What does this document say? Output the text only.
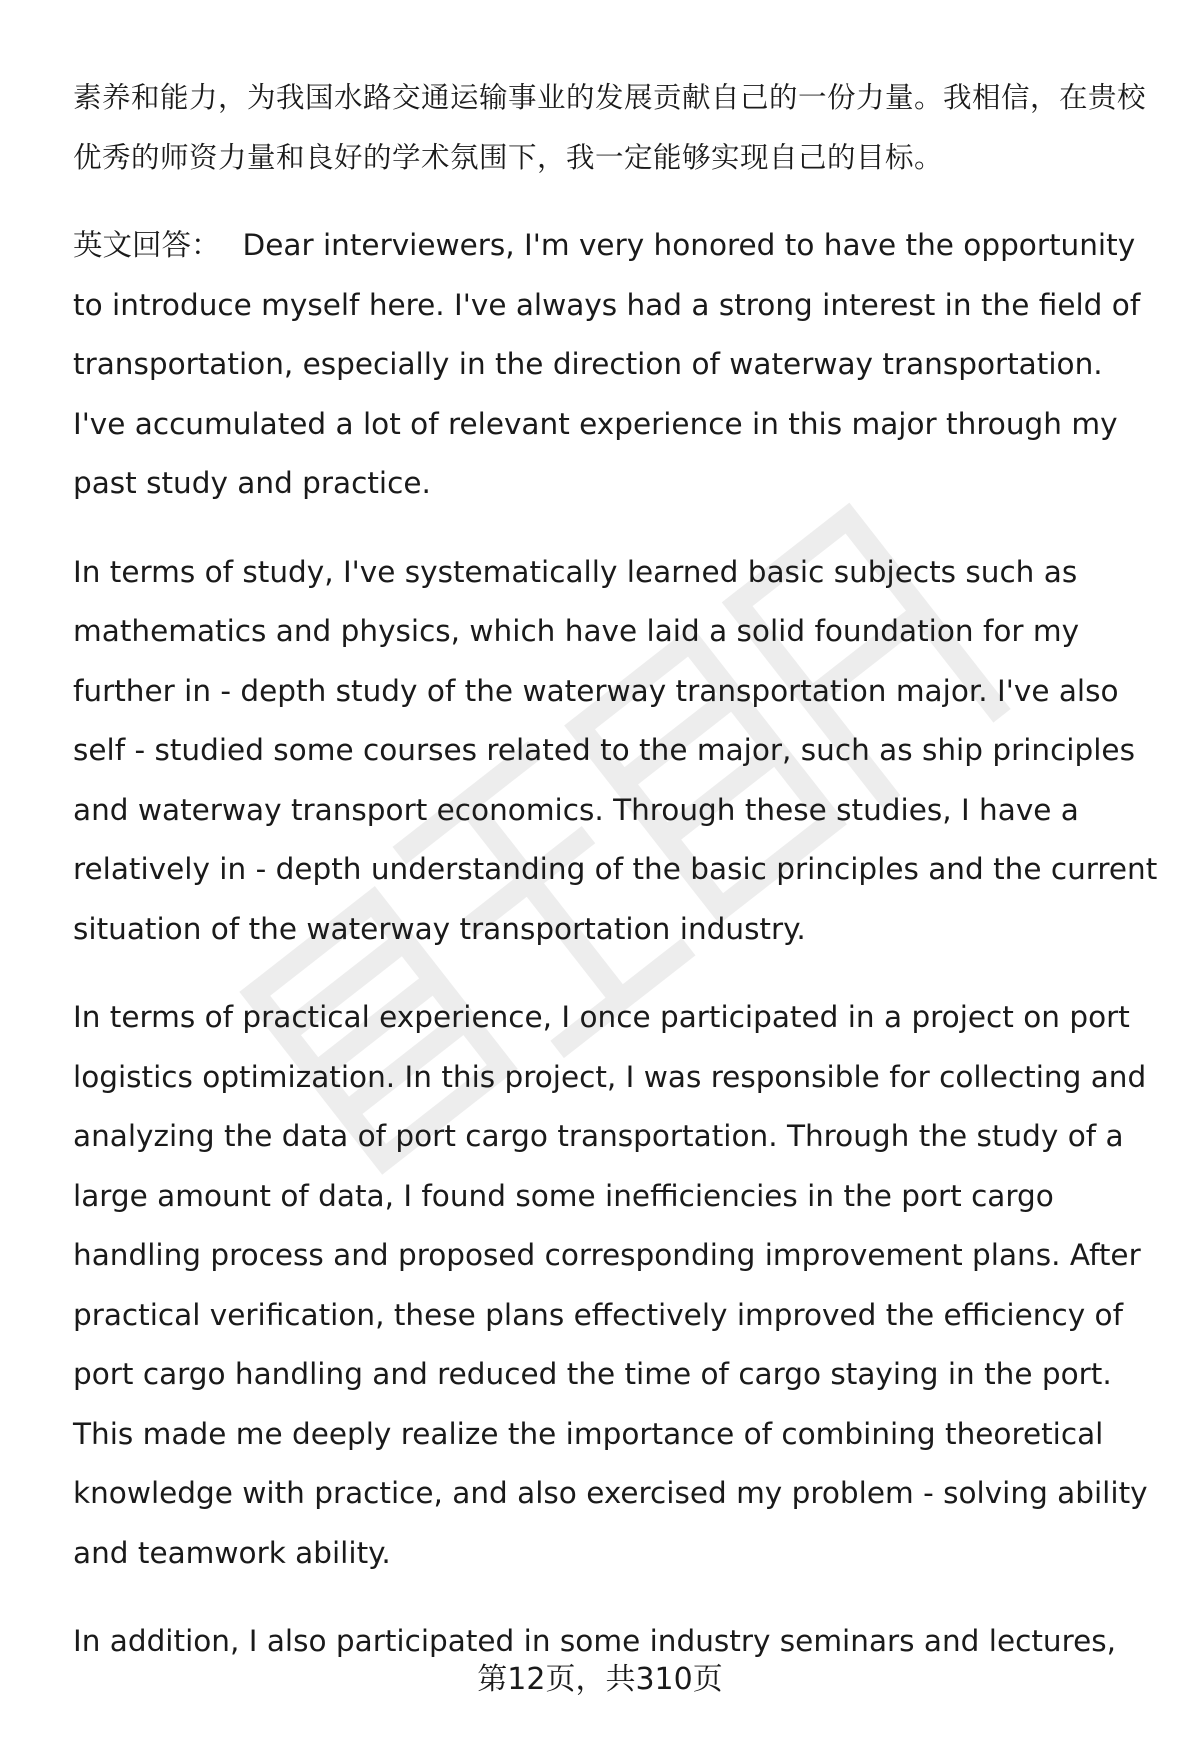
素养和能力，为我国水路交通运输事业的发展贡献自己的一份力量。我相信，在贵校优秀的师资力量和良好的学术氛围下，我一定能够实现自己的目标。

英文回答： Dear interviewers, I'm very honored to have the opportunity to introduce myself here. I've always had a strong interest in the field of transportation, especially in the direction of waterway transportation. I've accumulated a lot of relevant experience in this major through my past study and practice.

In terms of study, I've systematically learned basic subjects such as mathematics and physics, which have laid a solid foundation for my further in - depth study of the waterway transportation major. I've also self - studied some courses related to the major, such as ship principles and waterway transport economics. Through these studies, I have a relatively in - depth understanding of the basic principles and the current situation of the waterway transportation industry.

In terms of practical experience, I once participated in a project on port logistics optimization. In this project, I was responsible for collecting and analyzing the data of port cargo transportation. Through the study of a large amount of data, I found some inefficiencies in the port cargo handling process and proposed corresponding improvement plans. After practical verification, these plans effectively improved the efficiency of port cargo handling and reduced the time of cargo staying in the port. This made me deeply realize the importance of combining theoretical knowledge with practice, and also exercised my problem - solving ability and teamwork ability.

In addition, I also participated in some industry seminars and lectures,

第12页，共310页
